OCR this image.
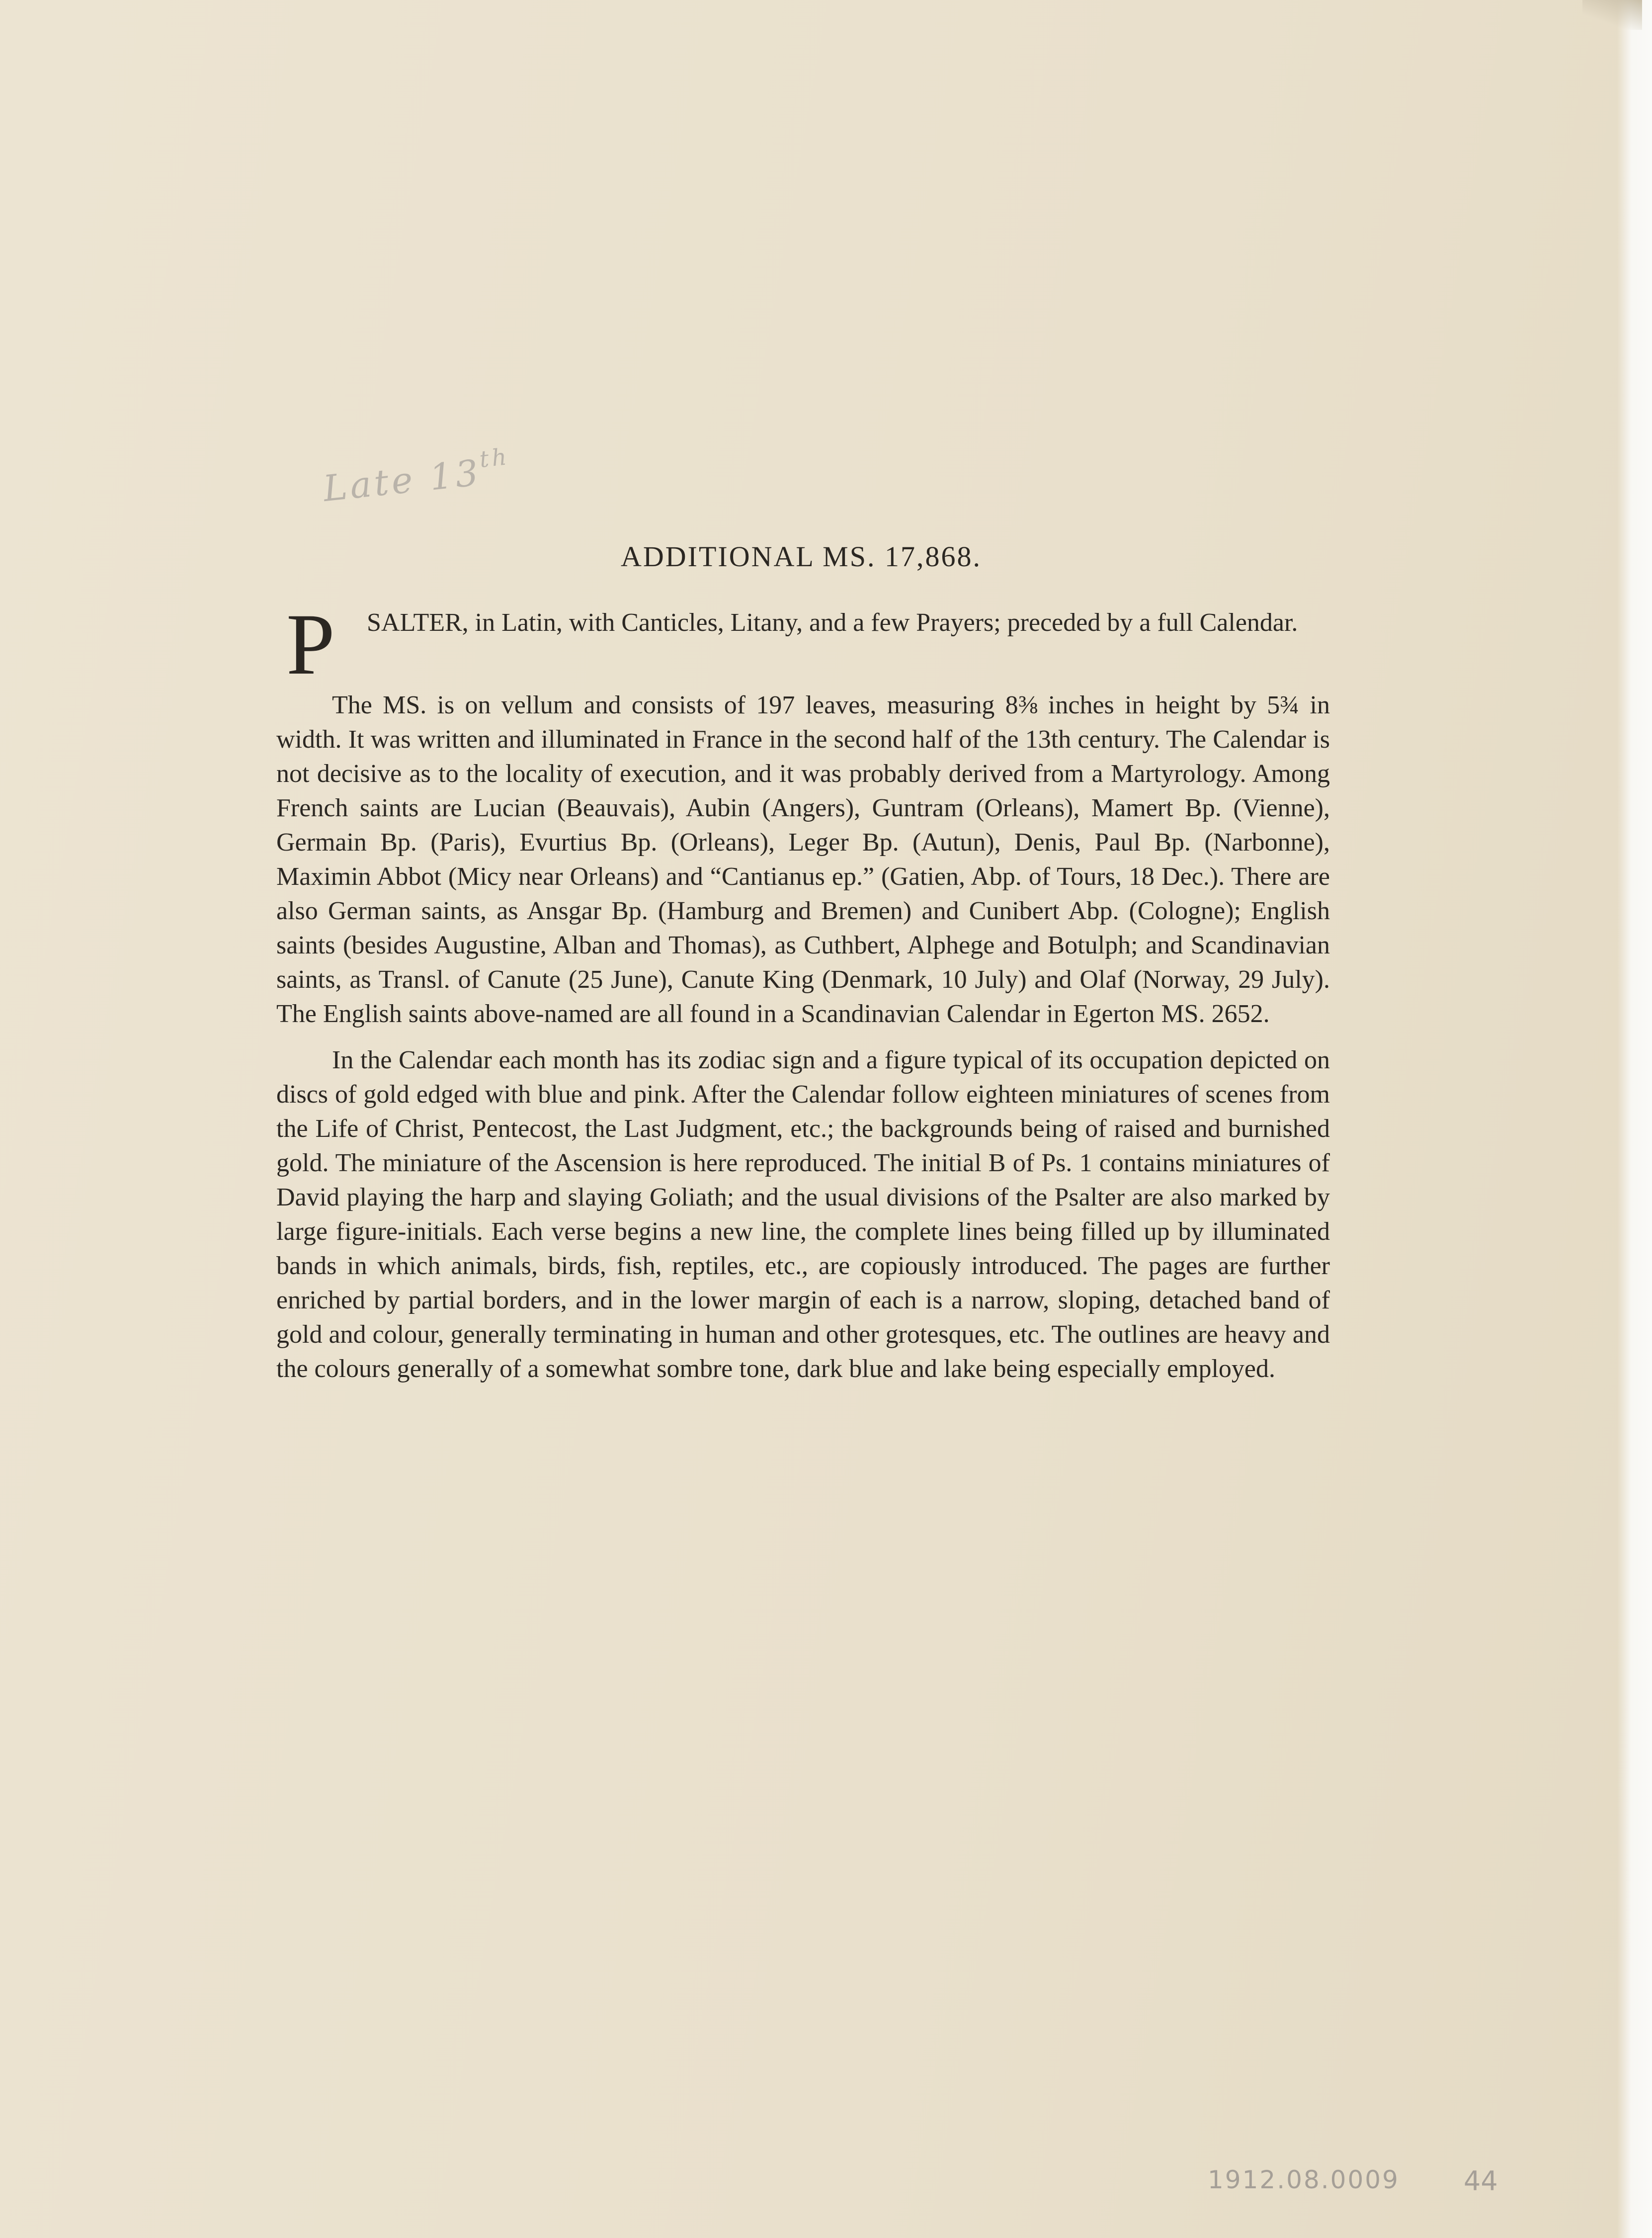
Late 13th
ADDITIONAL MS. 17,868.

P SALTER, in Latin, with Canticles, Litany, and a few Prayers; preceded by a full Calendar.

The MS. is on vellum and consists of 197 leaves, measuring 8⅜ inches in height by 5¾ in width. It was written and illuminated in France in the second half of the 13th century. The Calendar is not decisive as to the locality of execution, and it was probably derived from a Martyrology. Among French saints are Lucian (Beauvais), Aubin (Angers), Guntram (Orleans), Mamert Bp. (Vienne), Germain Bp. (Paris), Evurtius Bp. (Orleans), Leger Bp. (Autun), Denis, Paul Bp. (Narbonne), Maximin Abbot (Micy near Orleans) and “Cantianus ep.” (Gatien, Abp. of Tours, 18 Dec.). There are also German saints, as Ansgar Bp. (Hamburg and Bremen) and Cunibert Abp. (Cologne); English saints (besides Augustine, Alban and Thomas), as Cuthbert, Alphege and Botulph; and Scandinavian saints, as Transl. of Canute (25 June), Canute King (Denmark, 10 July) and Olaf (Norway, 29 July). The English saints above-named are all found in a Scandinavian Calendar in Egerton MS. 2652.

In the Calendar each month has its zodiac sign and a figure typical of its occupation depicted on discs of gold edged with blue and pink. After the Calendar follow eighteen miniatures of scenes from the Life of Christ, Pentecost, the Last Judgment, etc.; the backgrounds being of raised and burnished gold. The miniature of the Ascension is here reproduced. The initial B of Ps. 1 contains miniatures of David playing the harp and slaying Goliath; and the usual divisions of the Psalter are also marked by large figure-initials. Each verse begins a new line, the complete lines being filled up by illuminated bands in which animals, birds, fish, reptiles, etc., are copiously introduced. The pages are further enriched by partial borders, and in the lower margin of each is a narrow, sloping, detached band of gold and colour, generally terminating in human and other grotesques, etc. The outlines are heavy and the colours generally of a somewhat sombre tone, dark blue and lake being especially employed.

1912.08.0009 44
